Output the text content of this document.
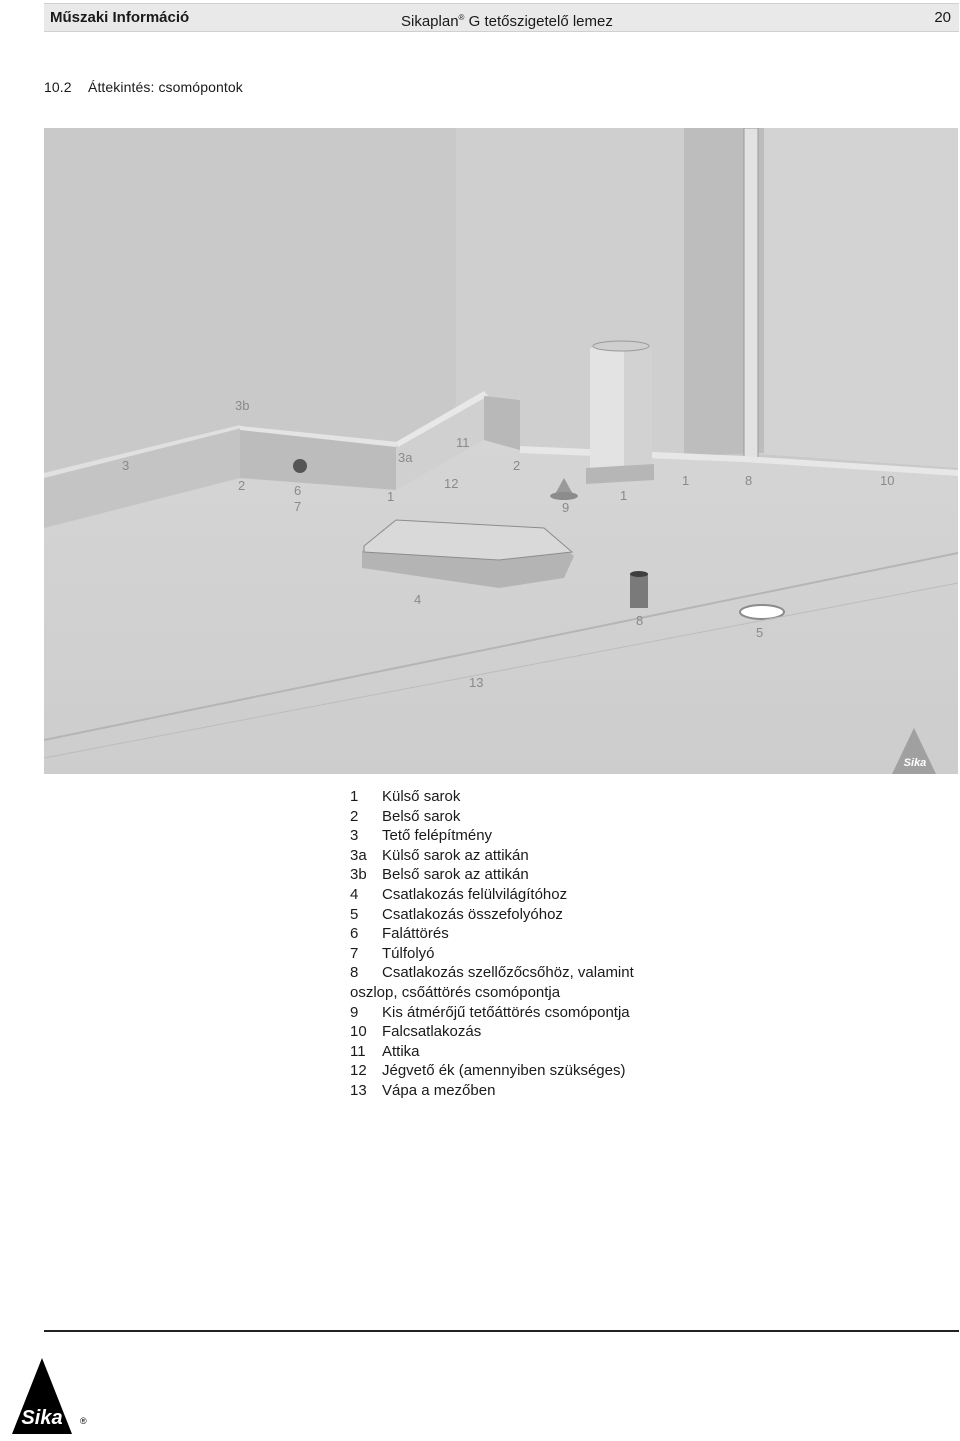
Műszaki Információ	Sikaplan® G tetőszigetelő lemez	20
10.2 Áttekintés: csomópontok
Sika
3b
3
2	6
7
1
3a
11
12
2
9
1
1	8	10
4
8
5
13
1	Külső sarok
2	Belső sarok
3	Tető felépítmény
3a	Külső sarok az attikán
3b	Belső sarok az attikán
4	Csatlakozás felülvilágítóhoz
5	Csatlakozás összefolyóhoz
6	Faláttörés
7	Túlfolyó
8	Csatlakozás szellőzőcsőhöz, valamint
oszlop, csőáttörés csomópontja
9	Kis átmérőjű tetőáttörés csomópontja
10	Falcsatlakozás
11	Attika
12	Jégvető ék (amennyiben szükséges)
13	Vápa a mezőben
Sika ®
